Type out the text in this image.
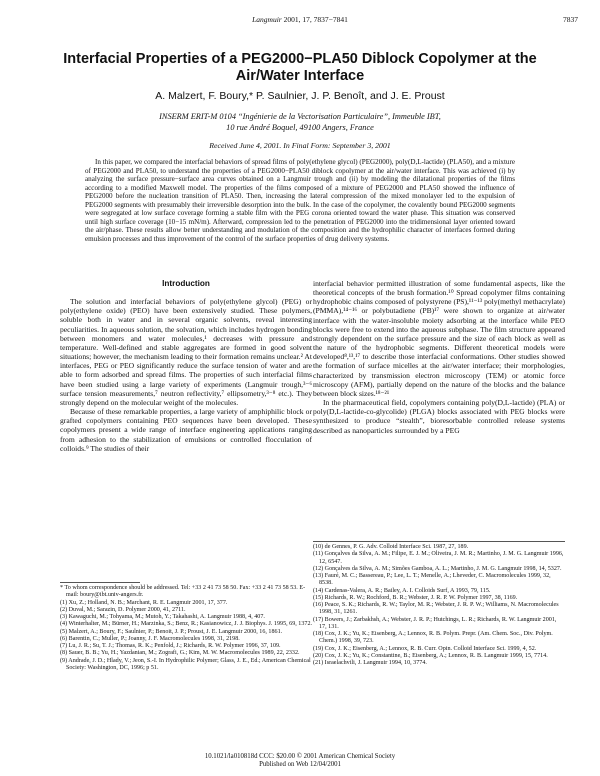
Langmuir 2001, 17, 7837−7841	7837
Interfacial Properties of a PEG2000−PLA50 Diblock Copolymer at the Air/Water Interface
A. Malzert, F. Boury,* P. Saulnier, J. P. Benoît, and J. E. Proust
INSERM ERIT-M 0104 “Ingénierie de la Vectorisation Particulaire”, Immeuble IBT,
10 rue André Boquel, 49100 Angers, France
Received June 4, 2001. In Final Form: September 3, 2001

In this paper, we compared the interfacial behaviors of spread films of poly(ethylene glycol) (PEG2000), poly(D,L-lactide) (PLA50), and a mixture of PEG2000 and PLA50, to understand the properties of a PEG2000−PLA50 diblock copolymer at the air/water interface. This was achieved (i) by analyzing the surface pressure−surface area curves obtained on a Langmuir trough and (ii) by modeling the dilatational properties of the films according to a modified Maxwell model. The properties of the films composed of a mixture of PEG2000 and PLA50 showed the influence of PEG2000 before the nucleation transition of PLA50. Then, increasing the lateral compression of the mixed monolayer led to the expulsion of PEG2000 segments with presumably their irreversible desorption into the bulk. In the case of the copolymer, the covalently bound PEG2000 segments were segregated at low surface coverage forming a stable film with the PEG corona oriented toward the water phase. This situation was conserved until high surface coverage (10−15 mN/m). Afterward, compression led to the penetration of PEG2000 into the tridimensional layer oriented toward the air/phase. These results allow better understanding and modulation of the composition and the hydrophilic character of interfaces formed during emulsion processes and thus improvement of the control of the surface properties of drug delivery systems.

Introduction

The solution and interfacial behaviors of poly(ethylene glycol) (PEG) or poly(ethylene oxide) (PEO) have been extensively studied. These polymers, soluble both in water and in several organic solvents, reveal interesting peculiarities. In aqueous solution, the solvation, which includes hydrogen bonding between monomers and water molecules,¹ decreases with pressure and temperature. Well-defined and stable aggregates are formed in good solvent situations; however, the mechanism leading to their formation remains unclear.² At interfaces, PEG or PEO significantly reduce the surface tension of water and are able to form adsorbed and spread films. The properties of such interfacial films have been studied using a large variety of experiments (Langmuir trough,³⁻⁶ surface tension measurements,⁷ neutron reflectivity,⁷ ellipsometry,³⁻⁸ etc.). They strongly depend on the molecular weight of the molecules.

Because of these remarkable properties, a large variety of amphiphilic block or grafted copolymers containing PEO sequences have been developed. These copolymers present a wide range of interface engineering applications ranging from adhesion to the stabilization of emulsions or controlled flocculation of colloids.⁹ The studies of their

interfacial behavior permitted illustration of some fundamental aspects, like the theoretical concepts of the brush formation.¹⁰ Spread copolymer films containing hydrophobic chains composed of polystyrene (PS),¹¹⁻¹³ poly(methyl methacrylate) (PMMA),¹⁴⁻¹⁶ or polybutadiene (PB)¹⁷ were shown to organize at air/water interface with the water-insoluble moiety adsorbing at the interface while PEO blocks were free to extend into the aqueous subphase. The film structure appeared strongly dependent on the surface pressure and the size of each block as well as the nature of the hydrophobic segments. Different theoretical models were developed⁸,¹³,¹⁷ to describe those interfacial conformations. Other studies showed the formation of surface micelles at the air/water interface; their morphologies, characterized by transmission electron microscopy (TEM) or atomic force microscopy (AFM), partially depend on the nature of the blocks and the balance between block sizes.¹⁸⁻²¹

In the pharmaceutical field, copolymers containing poly(D,L-lactide) (PLA) or poly(D,L-lactide-co-glycolide) (PLGA) blocks associated with PEG blocks were synthesized to produce “stealth”, bioresorbable controlled release systems described as nanoparticles surrounded by a PEG

* To whom correspondence should be addressed. Tel: +33 2 41 73 58 50. Fax: +33 2 41 73 58 53. E-mail: boury@ibt.univ-angers.fr.
(1) Xu, Z.; Holland, N. B.; Marchant, R. E. Langmuir 2001, 17, 377.
(2) Duval, M.; Sarazin, D. Polymer 2000, 41, 2711.
(3) Kawaguchi, M.; Tohyama, M.; Mutoh, Y.; Takahashi, A. Langmuir 1988, 4, 407.
(4) Winterhalter, M.; Bürner, H.; Marzinka, S.; Benz, R.; Kasianowicz, J. J. Biophys. J. 1995, 69, 1372.
(5) Malzert, A.; Boury, F.; Saulnier, P.; Benoit, J. P.; Proust, J. E. Langmuir 2000, 16, 1861.
(6) Barentin, C.; Muller, P.; Joanny, J. F. Macromolecules 1998, 31, 2198.
(7) Lu, J. R.; Su, T. J.; Thomas, R. K.; Penfold, J.; Richards, R. W. Polymer 1996, 37, 109.
(8) Sauer, B. B.; Yu, H.; Yazdanian, M.; Zografi, G.; Kim, M. W. Macromolecules 1989, 22, 2332.
(9) Andrade, J. D.; Hlady, V.; Jeon, S.-I. In Hydrophilic Polymer; Glass, J. E., Ed.; American Chemical Society: Washington, DC, 1996; p 51.
(10) de Gennes, P. G. Adv. Colloid Interface Sci. 1987, 27, 189.
(11) Gonçalves da Silva, A. M.; Filipe, E. J. M.; Oliveira, J. M. R.; Martinho, J. M. G. Langmuir 1996, 12, 6547.
(12) Gonçalves da Silva, A. M.; Simões Gamboa, A. L.; Martinho, J. M. G. Langmuir 1998, 14, 5327.
(13) Fauré, M. C.; Bassereau, P.; Lee, L. T.; Menelle, A.; Lheveder, C. Macromolecules 1999, 32, 8538.
(14) Cardenas-Valera, A. R.; Bailey, A. I. Colloids Surf, A 1993, 79, 115.
(15) Richards, R. W.; Rochford, B. R.; Webster, J. R. P. W. Polymer 1997, 38, 1169.
(16) Peace, S. K.; Richards, R. W.; Taylor, M. R.; Webster, J. R. P. W.; Williams, N. Macromolecules 1998, 31, 1261.
(17) Bowers, J.; Zarbakhsh, A.; Webster, J. R. P.; Hutchings, L. R.; Richards, R. W. Langmuir 2001, 17, 131.
(18) Cox, J. K.; Yu, K.; Eisenberg, A.; Lennox, R. B. Polym. Prepr. (Am. Chem. Soc., Div. Polym. Chem.) 1998, 39, 723.
(19) Cox, J. K.; Eisenberg, A.; Lennox, R. B. Curr. Opin. Colloid Interface Sci. 1999, 4, 52.
(20) Cox, J. K.; Yu, K.; Constantine, B.; Eisenberg, A.; Lennox, R. B. Langmuir 1999, 15, 7714.
(21) Israelachvili, J. Langmuir 1994, 10, 3774.
10.1021/la010818d CCC: $20.00 © 2001 American Chemical Society
Published on Web 12/04/2001
